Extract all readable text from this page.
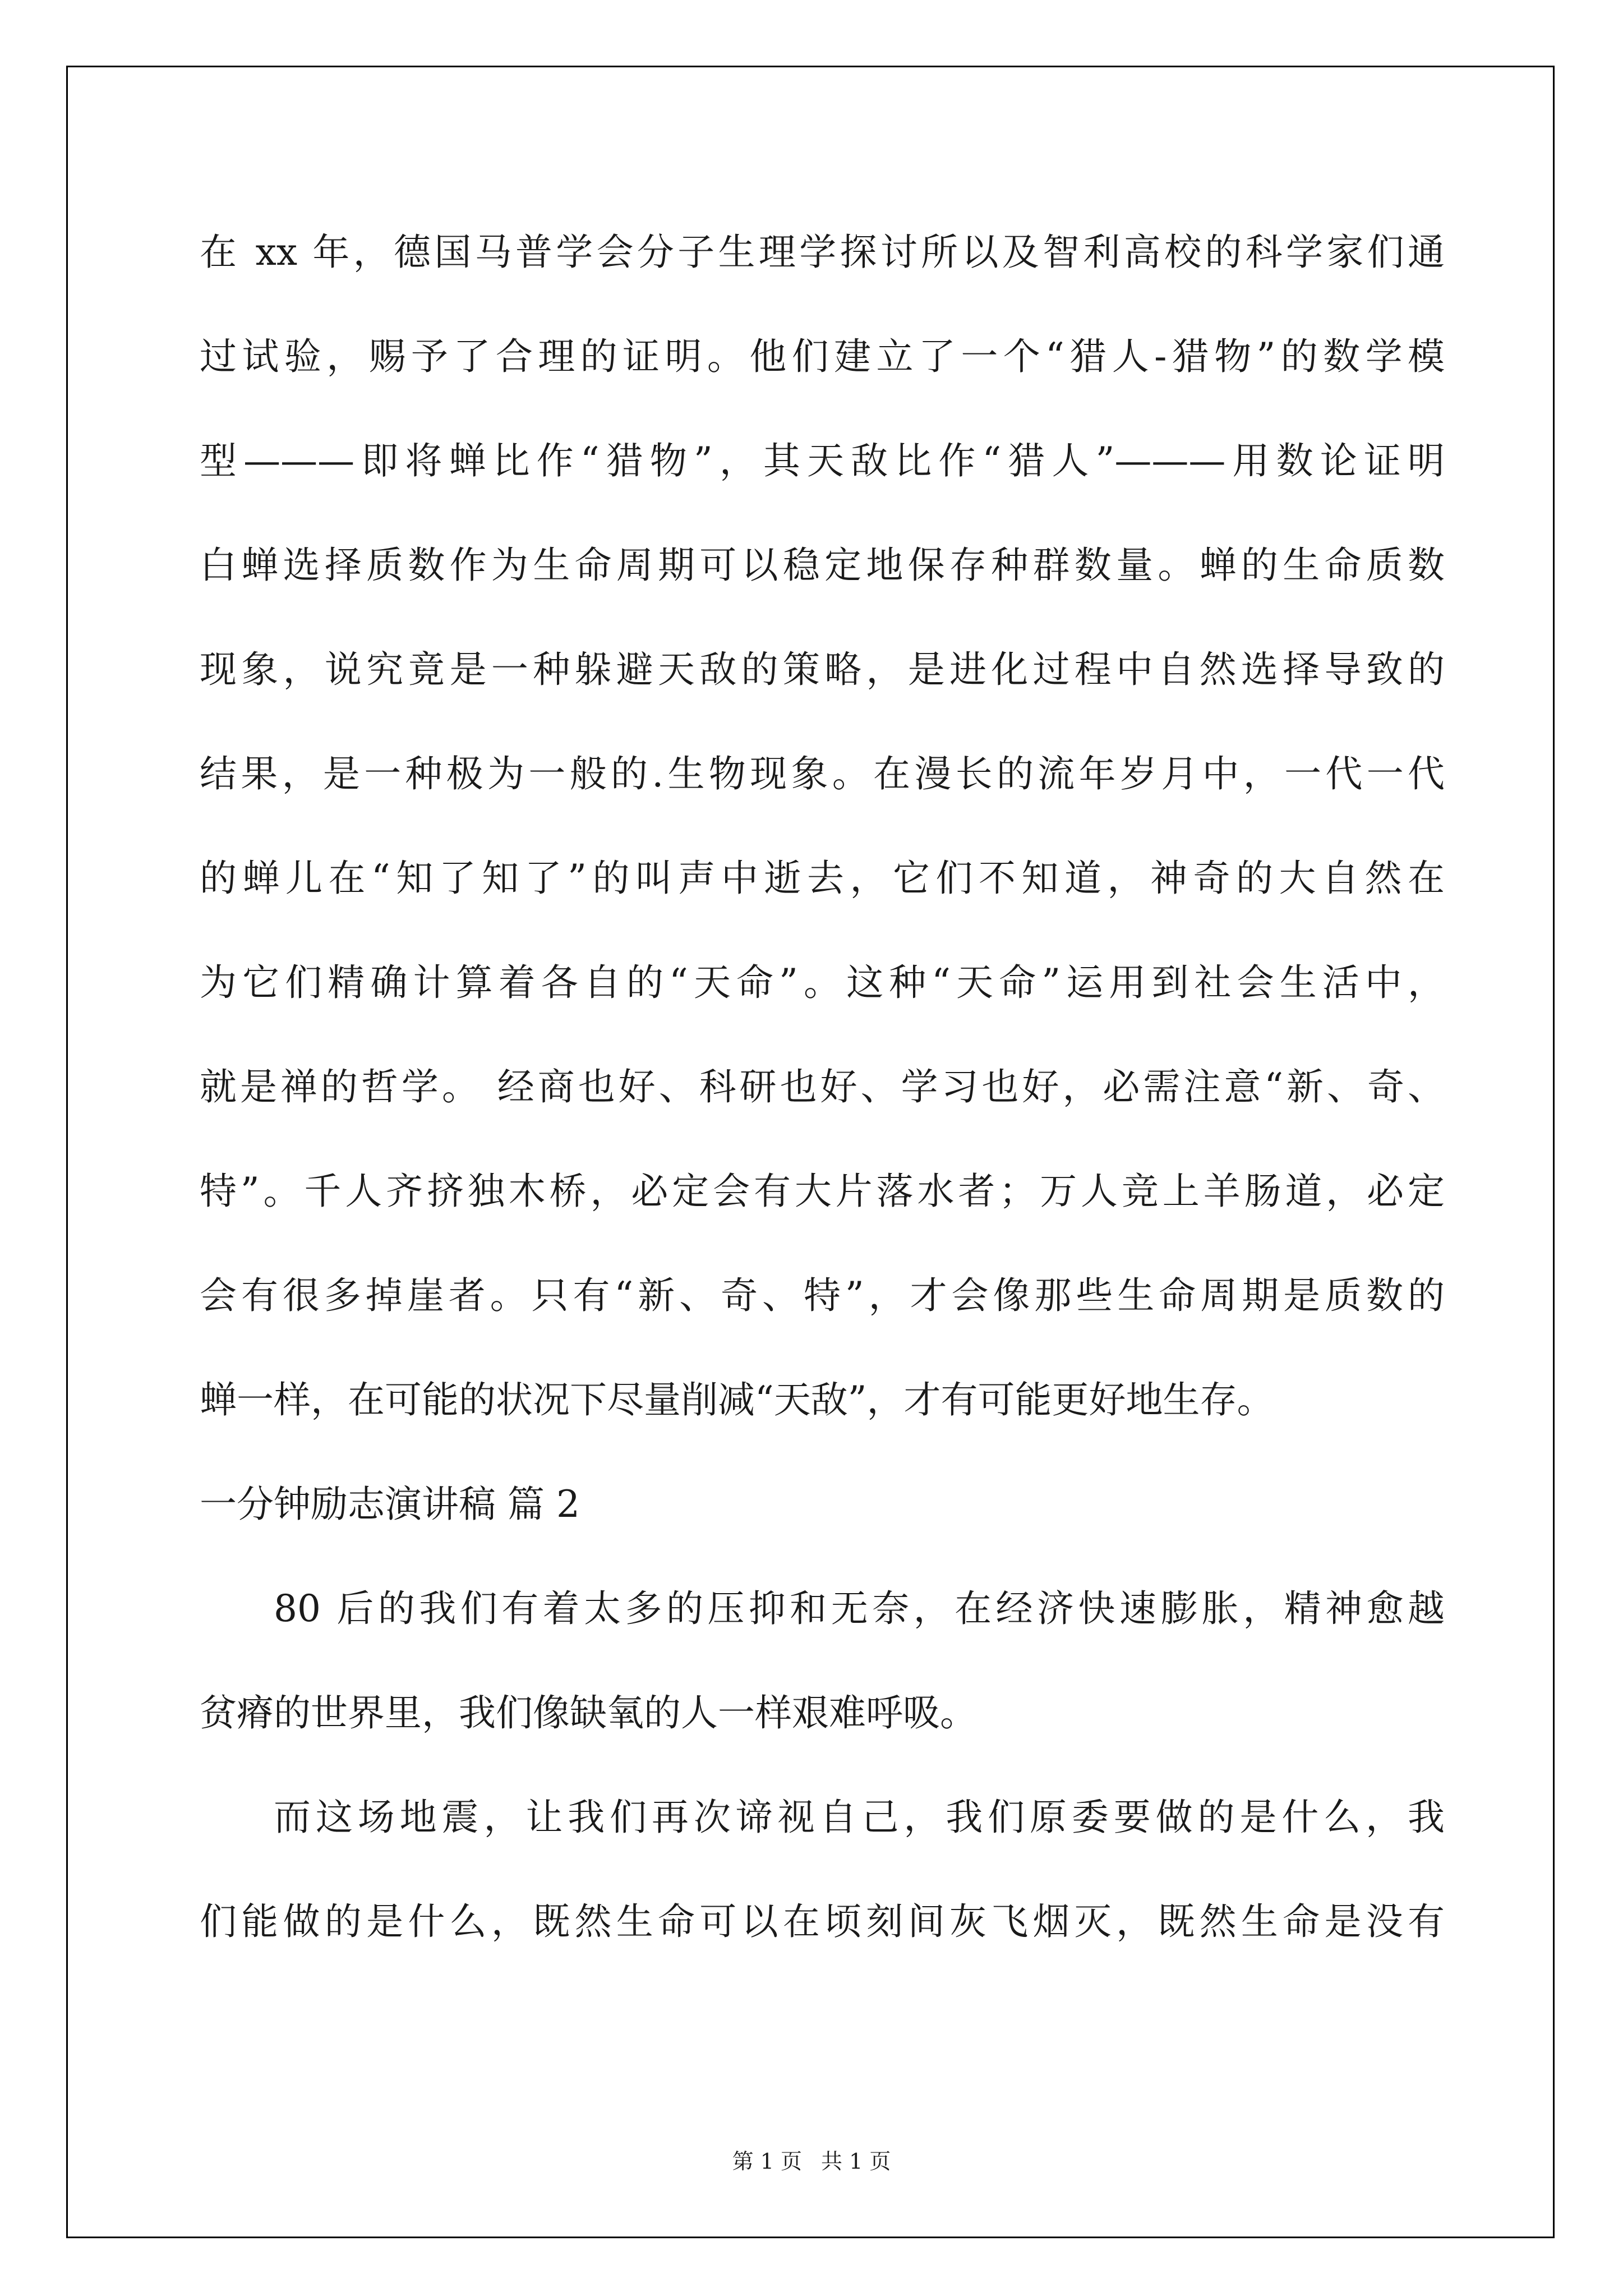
在 xx 年，德国马普学会分子生理学探讨所以及智利高校的科学家们通
过试验，赐予了合理的证明。他们建立了一个“猎人-猎物”的数学模
型———即将蝉比作“猎物”，其天敌比作“猎人”———用数论证明
白蝉选择质数作为生命周期可以稳定地保存种群数量。蝉的生命质数
现象，说究竟是一种躲避天敌的策略，是进化过程中自然选择导致的
结果，是一种极为一般的.生物现象。在漫长的流年岁月中，一代一代
的蝉儿在“知了知了”的叫声中逝去，它们不知道，神奇的大自然在
为它们精确计算着各自的“天命”。这种“天命”运用到社会生活中，
就是禅的哲学。 经商也好、科研也好、学习也好，必需注意“新、奇、
特”。千人齐挤独木桥，必定会有大片落水者；万人竞上羊肠道，必定
会有很多掉崖者。只有“新、奇、特”，才会像那些生命周期是质数的
蝉一样，在可能的状况下尽量削减“天敌”，才有可能更好地生存。
一分钟励志演讲稿 篇 2
80 后的我们有着太多的压抑和无奈，在经济快速膨胀，精神愈越
贫瘠的世界里，我们像缺氧的人一样艰难呼吸。
而这场地震，让我们再次谛视自己，我们原委要做的是什么，我
们能做的是什么，既然生命可以在顷刻间灰飞烟灭，既然生命是没有
第 1 页 共 1 页
